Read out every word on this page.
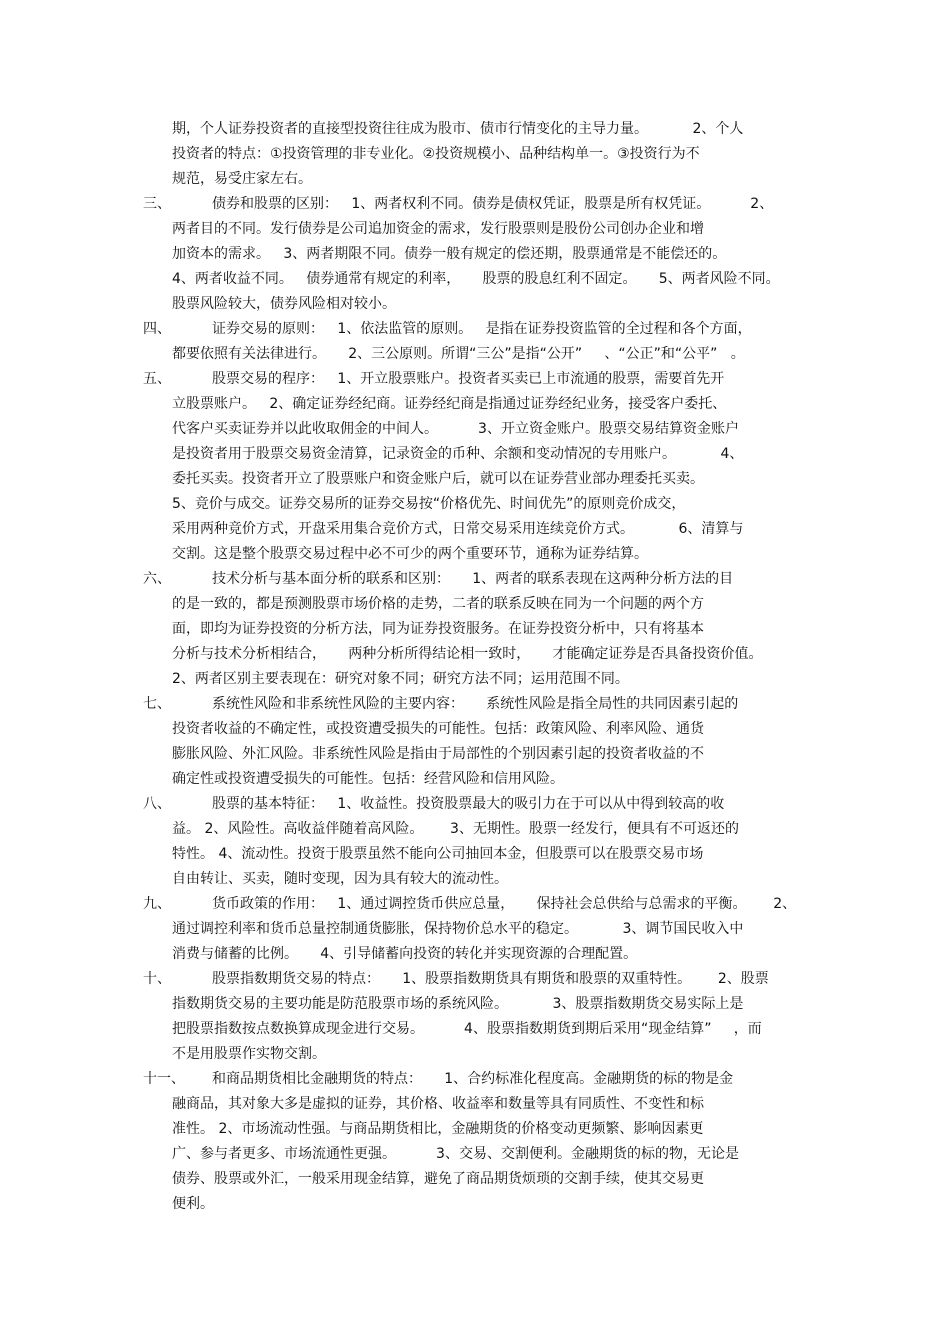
期，个人证券投资者的直接型投资往往成为股市、债市行情变化的主导力量。          2、个人
投资者的特点：①投资管理的非专业化。②投资规模小、品种结构单一。③投资行为不
规范，易受庄家左右。
三、	债券和股票的区别：   1、两者权利不同。债券是债权凭证，股票是所有权凭证。         2、
两者目的不同。发行债券是公司追加资金的需求，发行股票则是股份公司创办企业和增
加资本的需求。   3、两者期限不同。债券一般有规定的偿还期，股票通常是不能偿还的。
4、两者收益不同。   债券通常有规定的利率，     股票的股息红利不固定。     5、两者风险不同。
股票风险较大，债券风险相对较小。
四、	证券交易的原则：   1、依法监管的原则。   是指在证券投资监管的全过程和各个方面，
都要依照有关法律进行。     2、三公原则。所谓“三公”是指“公开”     、“公正”和“公平”   。
五、	股票交易的程序：   1、开立股票账户。投资者买卖已上市流通的股票，需要首先开
立股票账户。   2、确定证券经纪商。证券经纪商是指通过证券经纪业务，接受客户委托、
代客户买卖证券并以此收取佣金的中间人。         3、开立资金账户。股票交易结算资金账户
是投资者用于股票交易资金清算，记录资金的币种、余额和变动情况的专用账户。          4、
委托买卖。投资者开立了股票账户和资金账户后，就可以在证券营业部办理委托买卖。
5、竞价与成交。证券交易所的证券交易按“价格优先、时间优先”的原则竞价成交，
采用两种竞价方式，开盘采用集合竞价方式，日常交易采用连续竞价方式。          6、清算与
交割。这是整个股票交易过程中必不可少的两个重要环节，通称为证券结算。
六、	技术分析与基本面分析的联系和区别：     1、两者的联系表现在这两种分析方法的目
的是一致的，都是预测股票市场价格的走势，二者的联系反映在同为一个问题的两个方
面，即均为证券投资的分析方法，同为证券投资服务。在证券投资分析中，只有将基本
分析与技术分析相结合，     两种分析所得结论相一致时，     才能确定证券是否具备投资价值。
2、两者区别主要表现在：研究对象不同；研究方法不同；运用范围不同。
七、	系统性风险和非系统性风险的主要内容：     系统性风险是指全局性的共同因素引起的
投资者收益的不确定性，或投资遭受损失的可能性。包括：政策风险、利率风险、通货
膨胀风险、外汇风险。非系统性风险是指由于局部性的个别因素引起的投资者收益的不
确定性或投资遭受损失的可能性。包括：经营风险和信用风险。
八、	股票的基本特征：   1、收益性。投资股票最大的吸引力在于可以从中得到较高的收
益。 2、风险性。高收益伴随着高风险。      3、无期性。股票一经发行，便具有不可返还的
特性。 4、流动性。投资于股票虽然不能向公司抽回本金，但股票可以在股票交易市场
自由转让、买卖，随时变现，因为具有较大的流动性。
九、	货币政策的作用：   1、通过调控货币供应总量，     保持社会总供给与总需求的平衡。      2、
通过调控利率和货币总量控制通货膨胀，保持物价总水平的稳定。          3、调节国民收入中
消费与储蓄的比例。     4、引导储蓄向投资的转化并实现资源的合理配置。
十、	股票指数期货交易的特点：     1、股票指数期货具有期货和股票的双重特性。      2、股票
指数期货交易的主要功能是防范股票市场的系统风险。          3、股票指数期货交易实际上是
把股票指数按点数换算成现金进行交易。         4、股票指数期货到期后采用“现金结算”     ，而
不是用股票作实物交割。
十一、 和商品期货相比金融期货的特点：     1、合约标准化程度高。金融期货的标的物是金
融商品，其对象大多是虚拟的证券，其价格、收益率和数量等具有同质性、不变性和标
准性。 2、市场流动性强。与商品期货相比，金融期货的价格变动更频繁、影响因素更
广、参与者更多、市场流通性更强。         3、交易、交割便利。金融期货的标的物，无论是
债券、股票或外汇，一般采用现金结算，避免了商品期货烦琐的交割手续，使其交易更
便利。
